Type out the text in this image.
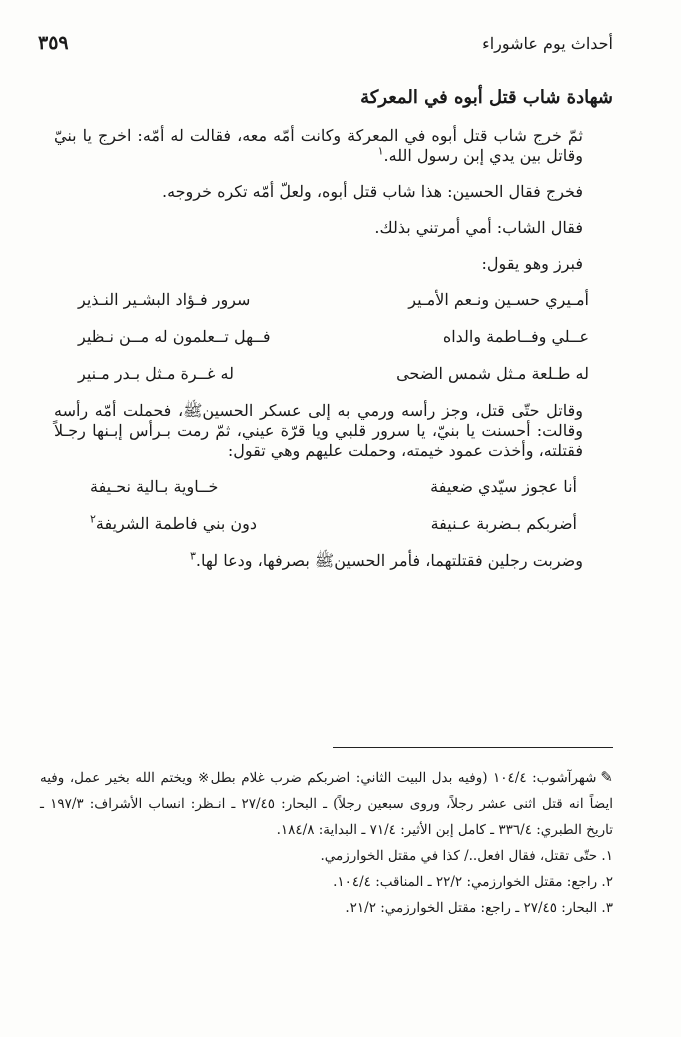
٣٥٩	أحداث يوم عاشوراء
شهادة شاب قتل أبوه في المعركة

ثمّ خرج شاب قتل أبوه في المعركة وكانت أمّه معه، فقالت له أمّه: اخرج يا بنيّ وقاتل بين يدي إبن رسول الله.$^١$

فخرج فقال الحسين: هذا شاب قتل أبوه، ولعلّ أمّه تكره خروجه.

فقال الشاب: أمي أمرتني بذلك.

فبرز وهو يقول:

أمـيري حسـين ونـعم الأمـير
سرور فـؤاد البشـير النـذير
عــلي وفــاطمة والداه
فــهل تــعلمون له مــن نـظير
له طـلعة مـثل شمس الضحى
له غــرة مـثل بـدر مـنير

وقاتل حتّى قتل، وجز رأسه ورمي به إلى عسكر الحسينﷺ، فحملت أمّه رأسه وقالت: أحسنت يا بنيّ، يا سرور قلبي ويا قرّة عيني، ثمّ رمت بـرأس إبـنها رجـلاً فقتلته، وأخذت عمود خيمته، وحملت عليهم وهي تقول:

أنا عجوز سيّدي ضعيفة
خــاوية بـالية نحـيفة
أضربكم بـضربة عـنيفة
دون بني فاطمة الشريفة$^٢$

وضربت رجلين فقتلتهما، فأمر الحسينﷺ بصرفها، ودعا لها.$^٣$

✎شهرآشوب: ١٠٤/٤ (وفيه بدل البيت الثاني: اضربكم ضرب غلام بطل※ ويختم الله بخير عمل، وفيه ايضاً انه قتل اثنى عشر رجلاً، وروى سبعين رجلاً) ـ البحار: ٢٧/٤٥ ـ انـظر: انساب الأشراف: ١٩٧/٣ ـ تاريخ الطبري: ٣٣٦/٤ ـ كامل إبن الأثير: ٧١/٤ ـ البداية: ١٨٤/٨.

١. حتّى تقتل، فقال افعل../ كذا في مقتل الخوارزمي.

٢. راجع: مقتل الخوارزمي: ٢٢/٢ ـ المناقب: ١٠٤/٤.

٣. البحار: ٢٧/٤٥ ـ راجع: مقتل الخوارزمي: ٢١/٢.
